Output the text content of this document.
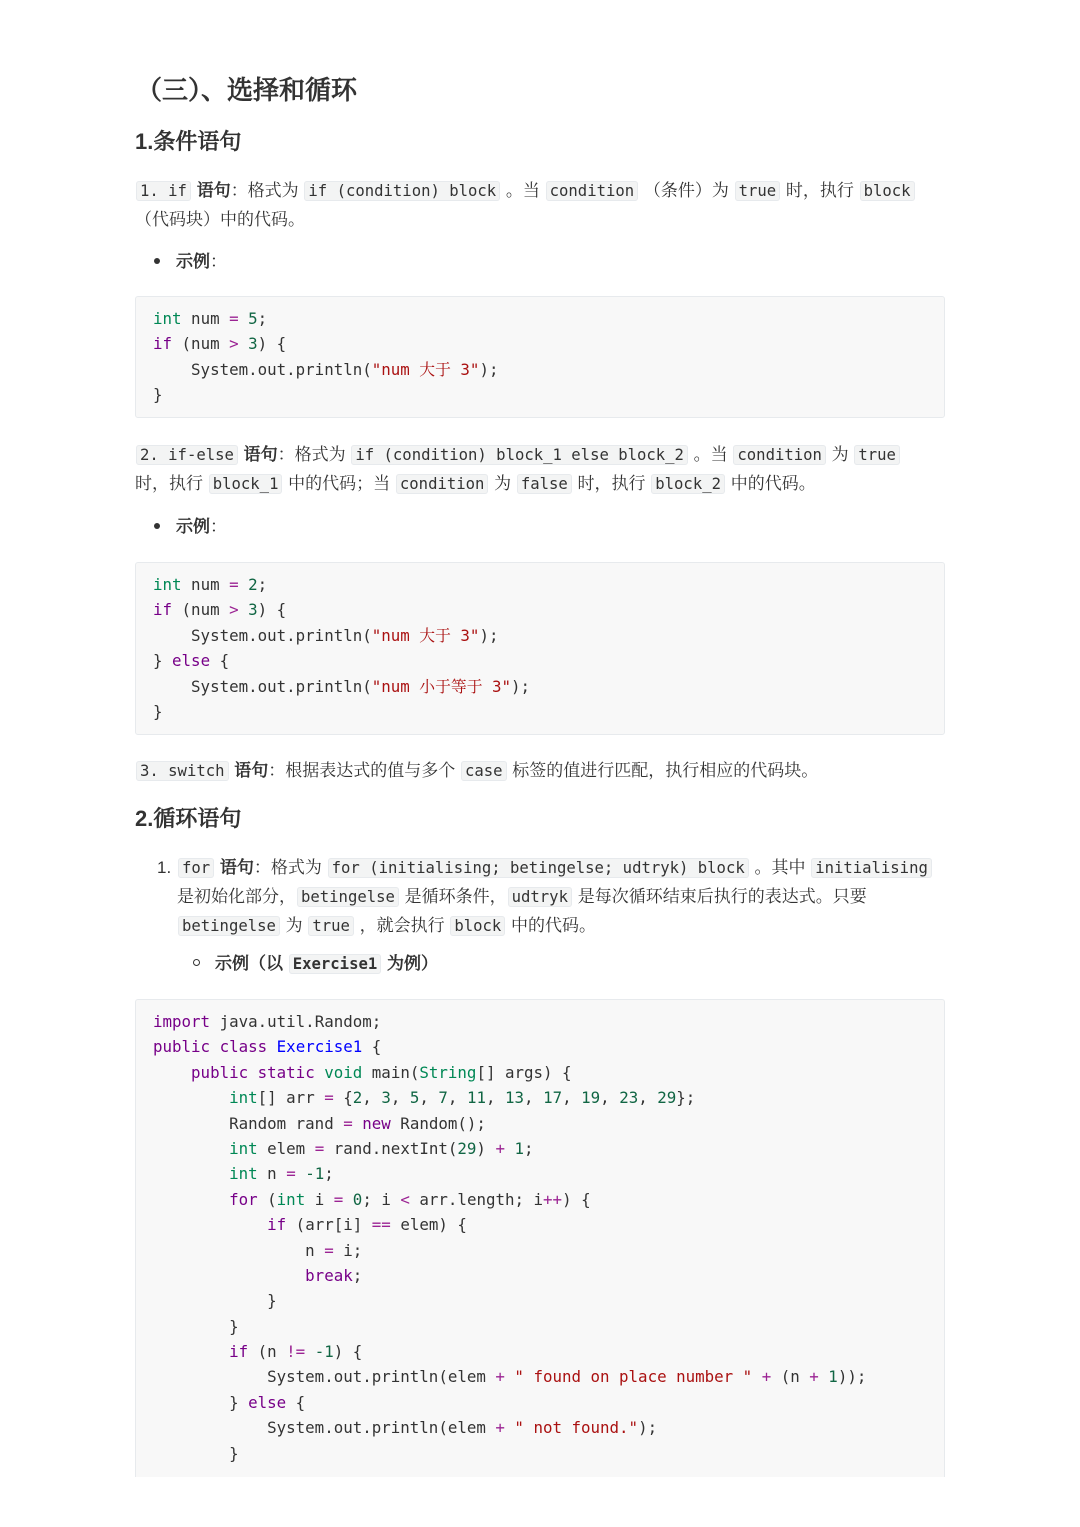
（三）、选择和循环
1.条件语句
1. if 语句：格式为 if (condition) block 。当 condition （条件）为 true 时，执行 block
（代码块）中的代码。
示例：
int num = 5;
if (num > 3) {
System.out.println("num 大于 3");
}
2. if-else 语句：格式为 if (condition) block_1 else block_2 。当 condition 为 true
时，执行 block_1 中的代码；当 condition 为 false 时，执行 block_2 中的代码。
示例：
int num = 2;
if (num > 3) {
System.out.println("num 大于 3");
} else {
System.out.println("num 小于等于 3");
}
3. switch 语句：根据表达式的值与多个 case 标签的值进行匹配，执行相应的代码块。
2.循环语句
1. for 语句：格式为 for (initialising; betingelse; udtryk) block 。其中 initialising
是初始化部分， betingelse 是循环条件， udtryk 是每次循环结束后执行的表达式。只要
betingelse 为 true ，就会执行 block 中的代码。
示例（以 Exercise1 为例）
import java.util.Random;
public class Exercise1 {
public static void main(String[] args) {
int[] arr = {2, 3, 5, 7, 11, 13, 17, 19, 23, 29};
Random rand = new Random();
int elem = rand.nextInt(29) + 1;
int n = -1;
for (int i = 0; i < arr.length; i++) {
if (arr[i] == elem) {
n = i;
break;
}
}
if (n != -1) {
System.out.println(elem + " found on place number " + (n + 1));
} else {
System.out.println(elem + " not found.");
}
